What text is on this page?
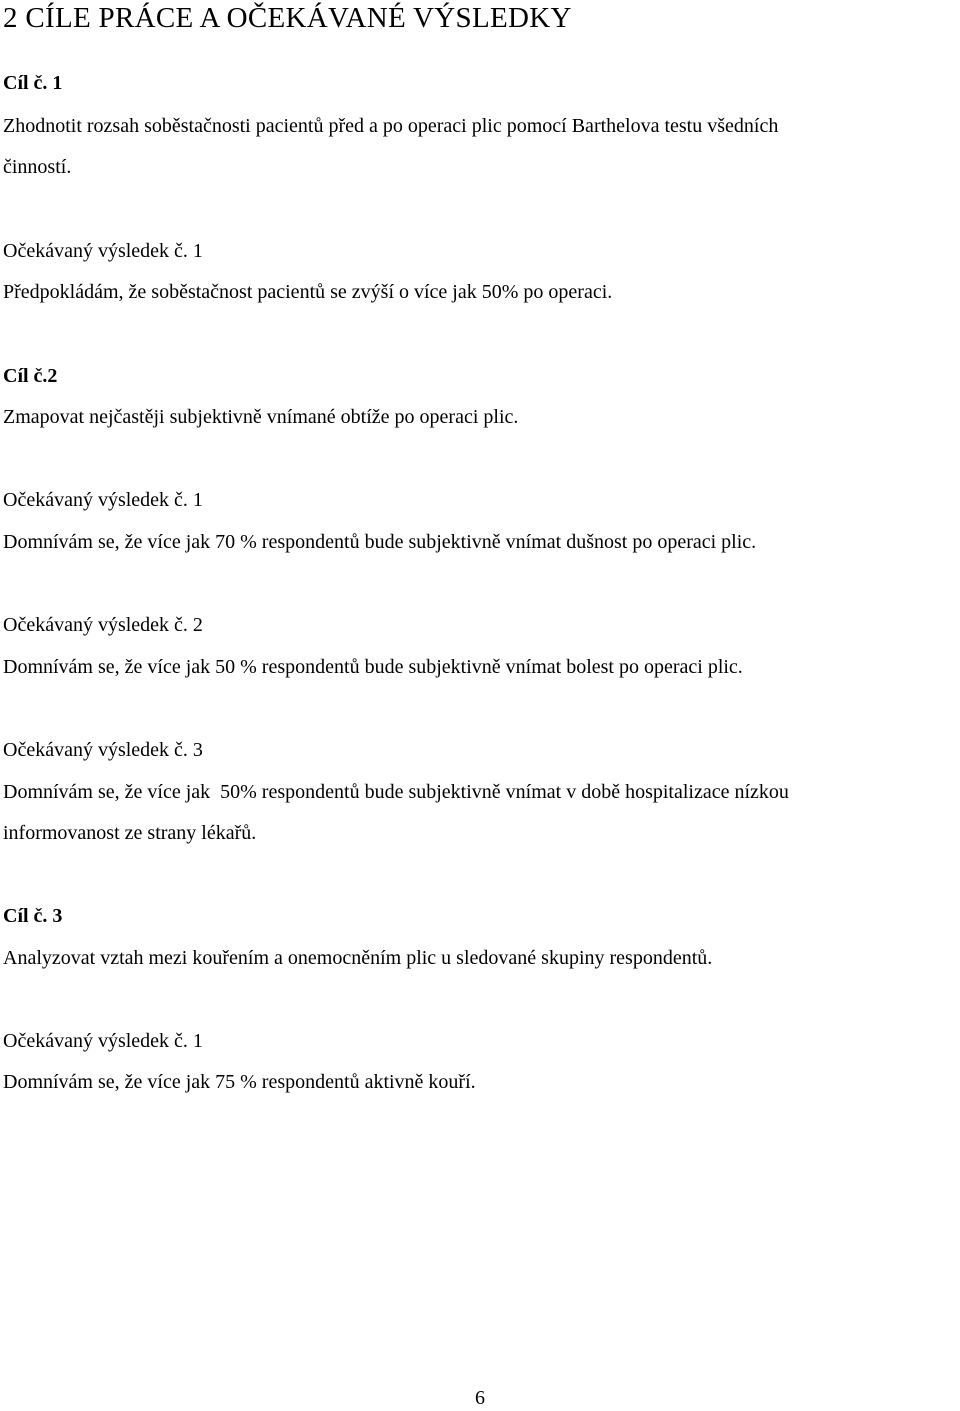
2 CÍLE PRÁCE A OČEKÁVANÉ VÝSLEDKY
Cíl č. 1
Zhodnotit rozsah soběstačnosti pacientů před a po operaci plic pomocí Barthelova testu všedních
činností.
Očekávaný výsledek č. 1
Předpokládám, že soběstačnost pacientů se zvýší o více jak 50% po operaci.
Cíl č.2
Zmapovat nejčastěji subjektivně vnímané obtíže po operaci plic.
Očekávaný výsledek č. 1
Domnívám se, že více jak 70 % respondentů bude subjektivně vnímat dušnost po operaci plic.
Očekávaný výsledek č. 2
Domnívám se, že více jak 50 % respondentů bude subjektivně vnímat bolest po operaci plic.
Očekávaný výsledek č. 3
Domnívám se, že více jak  50% respondentů bude subjektivně vnímat v době hospitalizace nízkou
informovanost ze strany lékařů.
Cíl č. 3
Analyzovat vztah mezi kouřením a onemocněním plic u sledované skupiny respondentů.
Očekávaný výsledek č. 1
Domnívám se, že více jak 75 % respondentů aktivně kouří.
6
